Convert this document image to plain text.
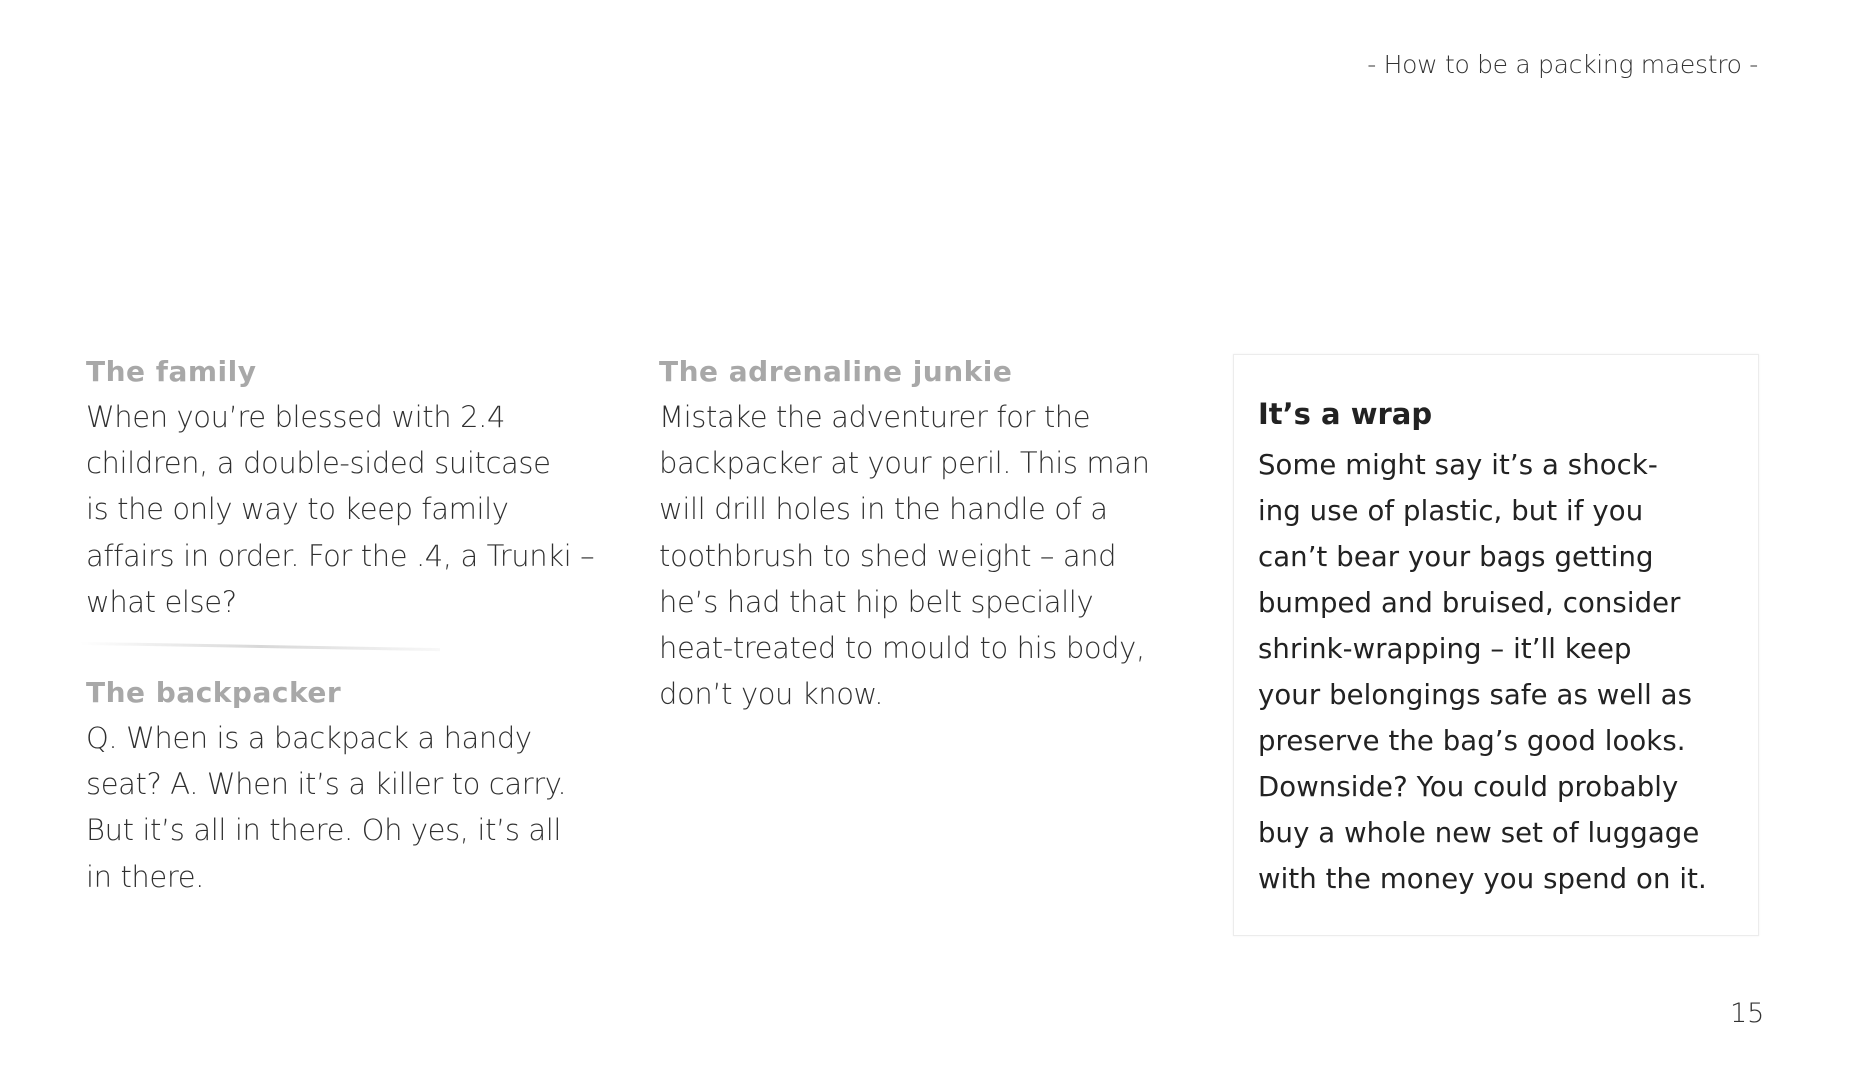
- How to be a packing maestro -
The family
When you’re blessed with 2.4
children, a double-sided suitcase
is the only way to keep family
affairs in order. For the .4, a Trunki –
what else?
The backpacker
Q. When is a backpack a handy
seat? A. When it’s a killer to carry.
But it’s all in there. Oh yes, it’s all
in there.
The adrenaline junkie
Mistake the adventurer for the
backpacker at your peril. This man
will drill holes in the handle of a
toothbrush to shed weight – and
he’s had that hip belt specially
heat-treated to mould to his body,
don’t you know.
It’s a wrap
Some might say it’s a shock-
ing use of plastic, but if you
can’t bear your bags getting
bumped and bruised, consider
shrink-wrapping – it’ll keep
your belongings safe as well as
preserve the bag’s good looks.
Downside? You could probably
buy a whole new set of luggage
with the money you spend on it.
15
